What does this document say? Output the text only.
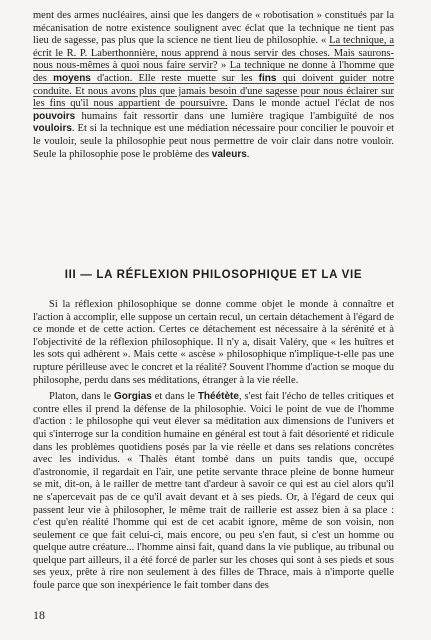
ment des armes nucléaires, ainsi que les dangers de « robotisation » constitués par la mécanisation de notre existence soulignent avec éclat que la technique ne tient pas lieu de sagesse, pas plus que la science ne tient lieu de philosophie. « La technique, a écrit le R. P. Laberthonnière, nous apprend à nous servir des choses. Mais saurons-nous nous-mêmes à quoi nous faire servir? » La technique ne donne à l'homme que des moyens d'action. Elle reste muette sur les fins qui doivent guider notre conduite. Et nous avons plus que jamais besoin d'une sagesse pour nous éclairer sur les fins qu'il nous appartient de poursuivre. Dans le monde actuel l'éclat de nos pouvoirs humains fait ressortir dans une lumière tragique l'ambiguïté de nos vouloirs. Et si la technique est une médiation nécessaire pour concilier le pouvoir et le vouloir, seule la philosophie peut nous permettre de voir clair dans notre vouloir. Seule la philosophie pose le problème des valeurs.

III — LA RÉFLEXION PHILOSOPHIQUE ET LA VIE

Si la réflexion philosophique se donne comme objet le monde à connaître et l'action à accomplir, elle suppose un certain recul, un certain détachement à l'égard de ce monde et de cette action. Certes ce détachement est nécessaire à la sérénité et à l'objectivité de la réflexion philosophique. Il n'y a, disait Valéry, que « les huîtres et les sots qui adhèrent ». Mais cette « ascèse » philosophique n'implique-t-elle pas une rupture périlleuse avec le concret et la réalité? Souvent l'homme d'action se moque du philosophe, perdu dans ses méditations, étranger à la vie réelle.

Platon, dans le Gorgias et dans le Théétète, s'est fait l'écho de telles critiques et contre elles il prend la défense de la philosophie. Voici le point de vue de l'homme d'action : le philosophe qui veut élever sa méditation aux dimensions de l'univers et qui s'interroge sur la condition humaine en général est tout à fait désorienté et ridicule dans les problèmes quotidiens posés par la vie réelle et dans ses relations concrètes avec les individus. « Thalès étant tombé dans un puits tandis que, occupé d'astronomie, il regardait en l'air, une petite servante thrace pleine de bonne humeur se mit, dit-on, à le railler de mettre tant d'ardeur à savoir ce qui est au ciel alors qu'il ne s'apercevait pas de ce qu'il avait devant et à ses pieds. Or, à l'égard de ceux qui passent leur vie à philosopher, le même trait de raillerie est assez bien à sa place : c'est qu'en réalité l'homme qui est de cet acabit ignore, même de son voisin, non seulement ce que fait celui-ci, mais encore, ou peu s'en faut, si c'est un homme ou quelque autre créature... l'homme ainsi fait, quand dans la vie publique, au tribunal ou quelque part ailleurs, il a été forcé de parler sur les choses qui sont à ses pieds et sous ses yeux, prête à rire non seulement à des filles de Thrace, mais à n'importe quelle foule parce que son inexpérience le fait tomber dans des

18
